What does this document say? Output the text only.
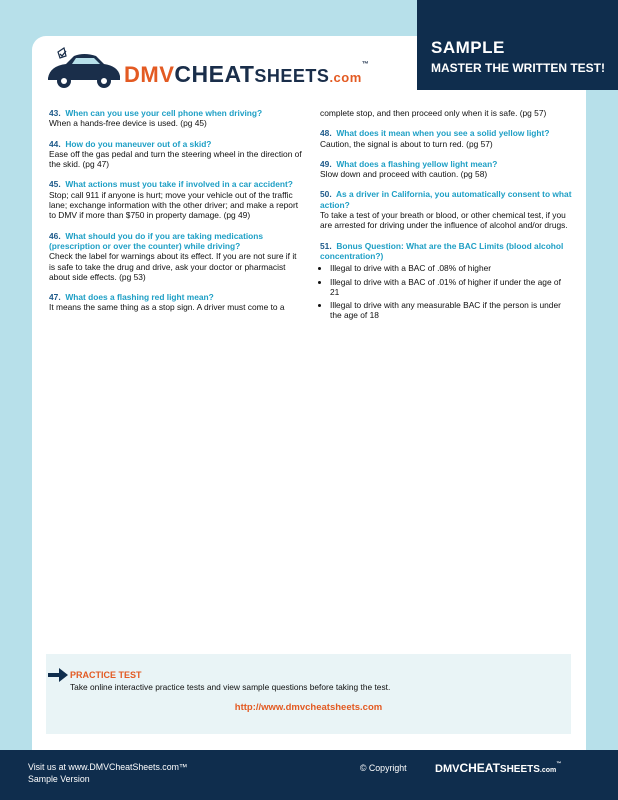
SAMPLE
MASTER THE WRITTEN TEST!
DMVCHEATSHEETS.com™
43. When can you use your cell phone when driving?
When a hands-free device is used. (pg 45)
44. How do you maneuver out of a skid?
Ease off the gas pedal and turn the steering wheel in the direction of the skid. (pg 47)
45. What actions must you take if involved in a car accident?
Stop; call 911 if anyone is hurt; move your vehicle out of the traffic lane; exchange information with the other driver; and make a report to DMV if more than $750 in property damage. (pg 49)
46. What should you do if you are taking medications (prescription or over the counter) while driving?
Check the label for warnings about its effect. If you are not sure if it is safe to take the drug and drive, ask your doctor or pharmacist about side effects. (pg 53)
47. What does a flashing red light mean?
It means the same thing as a stop sign. A driver must come to a
complete stop, and then proceed only when it is safe. (pg 57)
48. What does it mean when you see a solid yellow light?
Caution, the signal is about to turn red. (pg 57)
49. What does a flashing yellow light mean?
Slow down and proceed with caution. (pg 58)
50. As a driver in California, you automatically consent to what action?
To take a test of your breath or blood, or other chemical test, if you are arrested for driving under the influence of alcohol and/or drugs.
51. Bonus Question: What are the BAC Limits (blood alcohol concentration?)
• Illegal to drive with a BAC of .08% of higher
• Illegal to drive with a BAC of .01% of higher if under the age of 21
• Illegal to drive with any measurable BAC if the person is under the age of 18
PRACTICE TEST
Take online interactive practice tests and view sample questions before taking the test.
http://www.dmvcheatsheets.com
Visit us at www.DMVCheatSheets.com™
Sample Version
© Copyright	DMVCHEATSHEETS.com™
